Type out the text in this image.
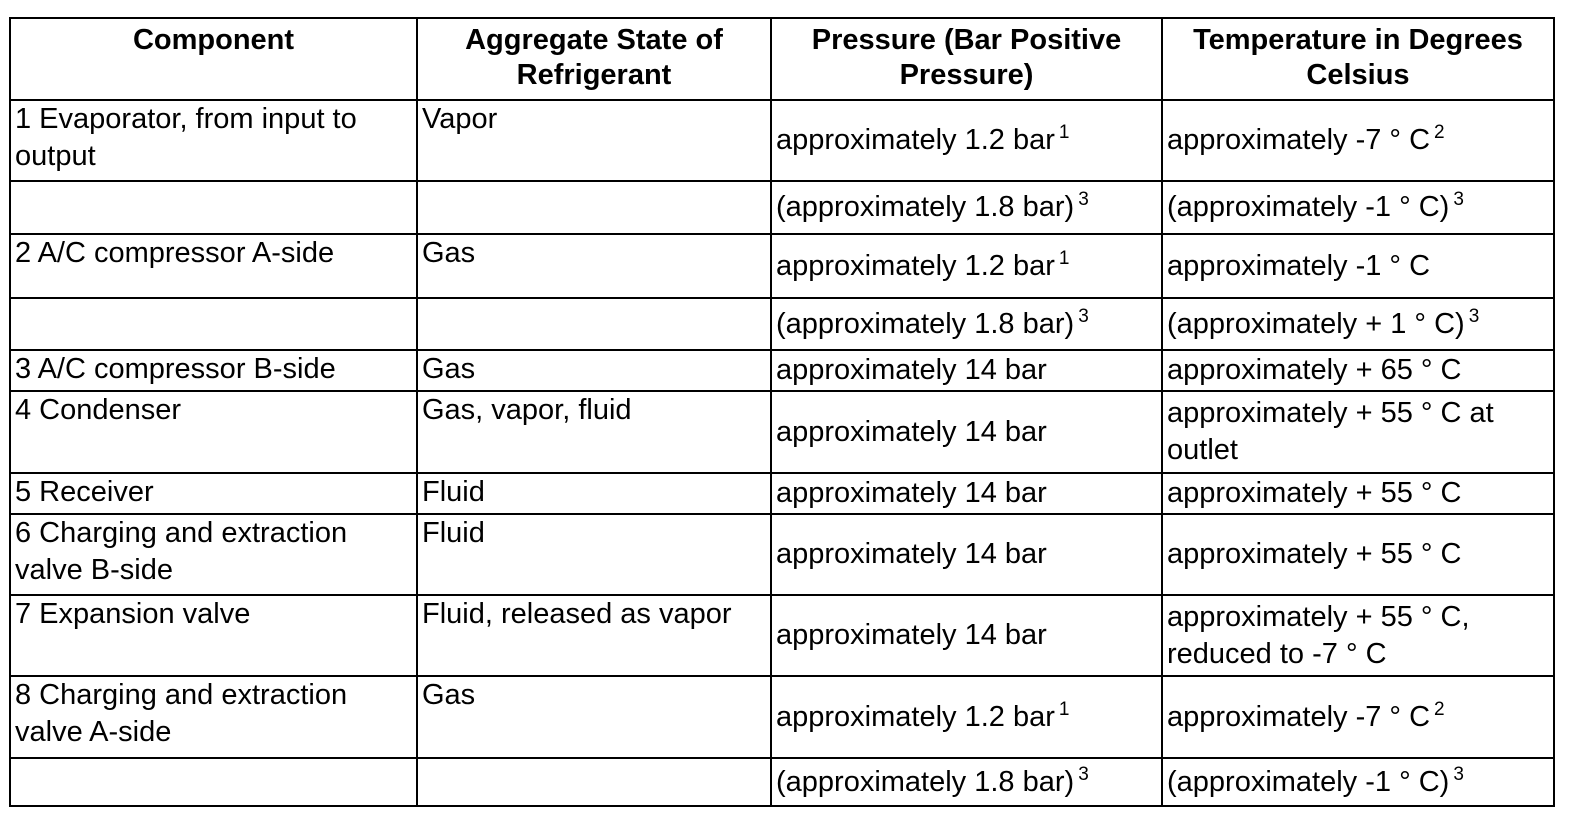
Component	Aggregate State of Refrigerant	Pressure (Bar Positive Pressure)	Temperature in Degrees Celsius
1 Evaporator, from input to output	Vapor	approximately 1.2 bar $^1$	approximately -7 ° C $^2$
		(approximately 1.8 bar) $^3$	(approximately -1 ° C) $^3$
2 A/C compressor A-side	Gas	approximately 1.2 bar $^1$	approximately -1 ° C
		(approximately 1.8 bar) $^3$	(approximately + 1 ° C) $^3$
3 A/C compressor B-side	Gas	approximately 14 bar	approximately + 65 ° C
4 Condenser	Gas, vapor, fluid	approximately 14 bar	approximately + 55 ° C at outlet
5 Receiver	Fluid	approximately 14 bar	approximately + 55 ° C
6 Charging and extraction valve B-side	Fluid	approximately 14 bar	approximately + 55 ° C
7 Expansion valve	Fluid, released as vapor	approximately 14 bar	approximately + 55 ° C, reduced to -7 ° C
8 Charging and extraction valve A-side	Gas	approximately 1.2 bar $^1$	approximately -7 ° C $^2$
		(approximately 1.8 bar) $^3$	(approximately -1 ° C) $^3$
